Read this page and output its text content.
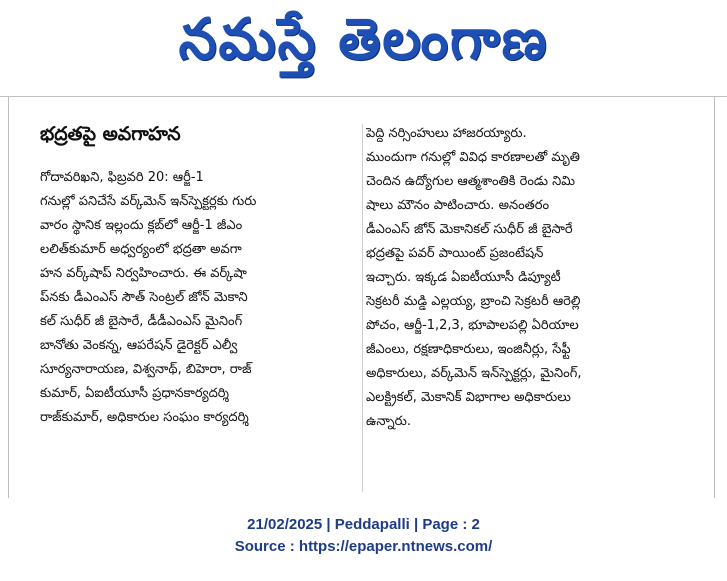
నమస్తే తెలంగాణ
భద్రతపై అవగాహన
గోదావరిఖని, ఫిబ్రవరి 20: ఆర్జీ-1
గనుల్లో పనిచేసే వర్క్‌మెన్ ఇన్‌స్పెక్టర్లకు గురు
వారం స్థానిక ఇల్లందు క్లబ్‌లో ఆర్జీ-1 జీఎం
లలిత్‌కుమార్ అధ్వర్యంలో భద్రతా అవగా
హన వర్క్‌షాప్ నిర్వహించారు. ఈ వర్క్‌షా
ప్‌నకు డీఎంఎస్ సౌత్ సెంట్రల్ జోన్ మెకాని
కల్ సుధీర్ జీ బైసారే, డీడీఎంఎస్ మైనింగ్
బానోతు వెంకన్న, ఆపరేషన్ డైరెక్టర్ ఎల్వీ
సూర్యనారాయణ, విశ్వనాథ్, బిహెరా, రాజ్
కుమార్, ఏఐటీయూసీ ప్రధానకార్యదర్శి
రాజ్‌కుమార్, అధికారుల సంఘం కార్యదర్శి
పెద్ది నర్సింహులు హాజరయ్యారు.
ముందుగా గనుల్లో వివిధ కారణాలతో మృతి
చెందిన ఉద్యోగుల ఆత్మశాంతికి రెండు నిమి
షాలు మౌనం పాటించారు. అనంతరం
డీఎంఎస్ జోన్ మెకానికల్ సుధీర్ జీ బైసారే
భద్రతపై పవర్ పాయింట్ ప్రజంటేషన్
ఇచ్చారు. ఇక్కడ ఏఐటీయూసీ డిప్యూటీ
సెక్రటరీ మడ్డి ఎల్లయ్య, బ్రాంచి సెక్రటరీ ఆరెల్లి
పోచం, ఆర్జీ-1,2,3, భూపాలపల్లి ఏరియాల
జీఎంలు, రక్షణాధికారులు, ఇంజినీర్లు, సేఫ్టీ
అధికారులు, వర్క్‌మెన్ ఇన్‌స్పెక్టర్లు, మైనింగ్,
ఎలక్ట్రికల్, మెకానిక్ విభాగాల అధికారులు
ఉన్నారు.
21/02/2025 | Peddapalli | Page : 2
Source : https://epaper.ntnews.com/
